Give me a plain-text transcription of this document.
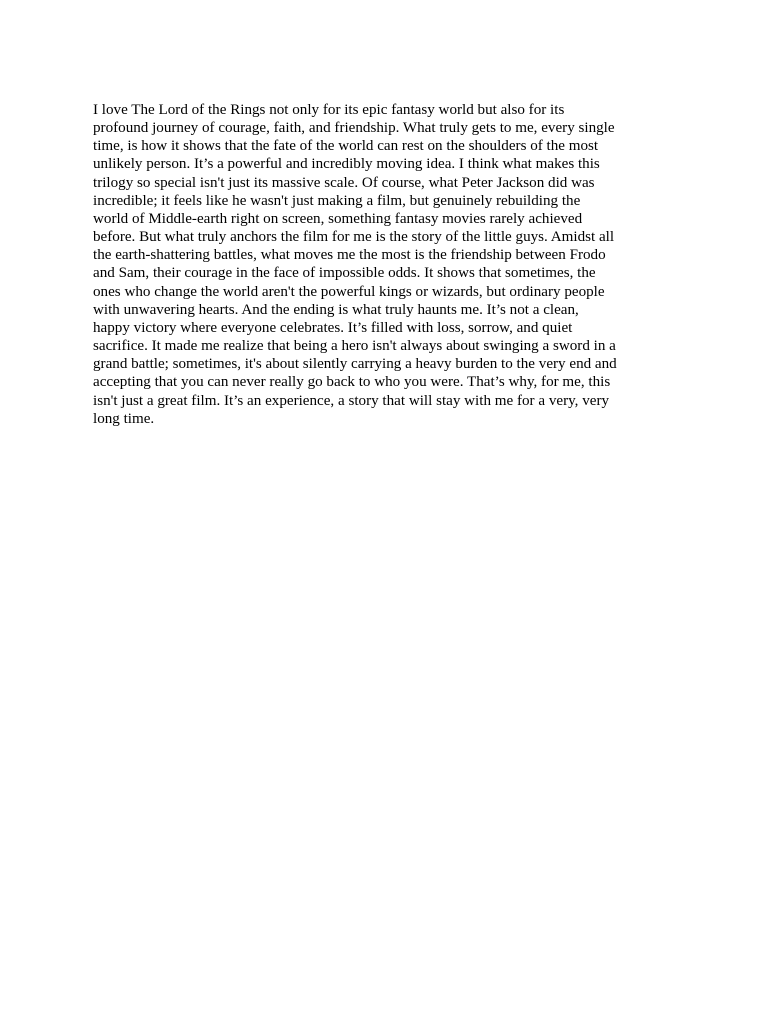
I love The Lord of the Rings not only for its epic fantasy world but also for its
profound journey of courage, faith, and friendship. What truly gets to me, every single
time, is how it shows that the fate of the world can rest on the shoulders of the most
unlikely person. It’s a powerful and incredibly moving idea. I think what makes this
trilogy so special isn't just its massive scale. Of course, what Peter Jackson did was
incredible; it feels like he wasn't just making a film, but genuinely rebuilding the
world of Middle-earth right on screen, something fantasy movies rarely achieved
before. But what truly anchors the film for me is the story of the little guys. Amidst all
the earth-shattering battles, what moves me the most is the friendship between Frodo
and Sam, their courage in the face of impossible odds. It shows that sometimes, the
ones who change the world aren't the powerful kings or wizards, but ordinary people
with unwavering hearts. And the ending is what truly haunts me. It’s not a clean,
happy victory where everyone celebrates. It’s filled with loss, sorrow, and quiet
sacrifice. It made me realize that being a hero isn't always about swinging a sword in a
grand battle; sometimes, it's about silently carrying a heavy burden to the very end and
accepting that you can never really go back to who you were. That’s why, for me, this
isn't just a great film. It’s an experience, a story that will stay with me for a very, very
long time.
